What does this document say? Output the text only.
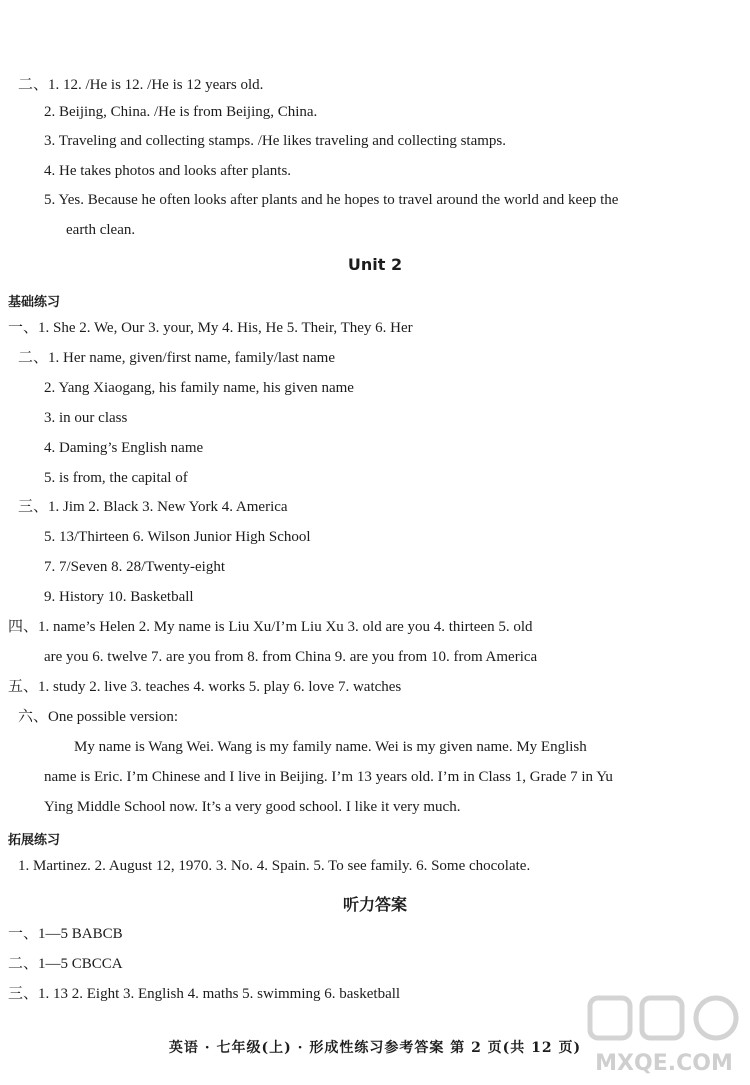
二、1. 12. /He is 12. /He is 12 years old.
2. Beijing, China. /He is from Beijing, China.
3. Traveling and collecting stamps. /He likes traveling and collecting stamps.
4. He takes photos and looks after plants.
5. Yes. Because he often looks after plants and he hopes to travel around the world and keep the
earth clean.
Unit 2
基础练习
一、1. She 2. We, Our 3. your, My 4. His, He 5. Their, They 6. Her
二、1. Her name, given/first name, family/last name
2. Yang Xiaogang, his family name, his given name
3. in our class
4. Daming’s English name
5. is from, the capital of
三、1. Jim 2. Black 3. New York 4. America
5. 13/Thirteen 6. Wilson Junior High School
7. 7/Seven 8. 28/Twenty-eight
9. History 10. Basketball
四、1. name’s Helen 2. My name is Liu Xu/I’m Liu Xu 3. old are you 4. thirteen 5. old
are you 6. twelve 7. are you from 8. from China 9. are you from 10. from America
五、1. study 2. live 3. teaches 4. works 5. play 6. love 7. watches
六、One possible version:
My name is Wang Wei. Wang is my family name. Wei is my given name. My English
name is Eric. I’m Chinese and I live in Beijing. I’m 13 years old. I’m in Class 1, Grade 7 in Yu
Ying Middle School now. It’s a very good school. I like it very much.
拓展练习
1. Martinez. 2. August 12, 1970. 3. No. 4. Spain. 5. To see family. 6. Some chocolate.
听力答案
一、1—5 BABCB
二、1—5 CBCCA
三、1. 13 2. Eight 3. English 4. maths 5. swimming 6. basketball
英语 · 七年级(上) · 形成性练习参考答案 第 2 页(共 12 页)
MXQE.COM
